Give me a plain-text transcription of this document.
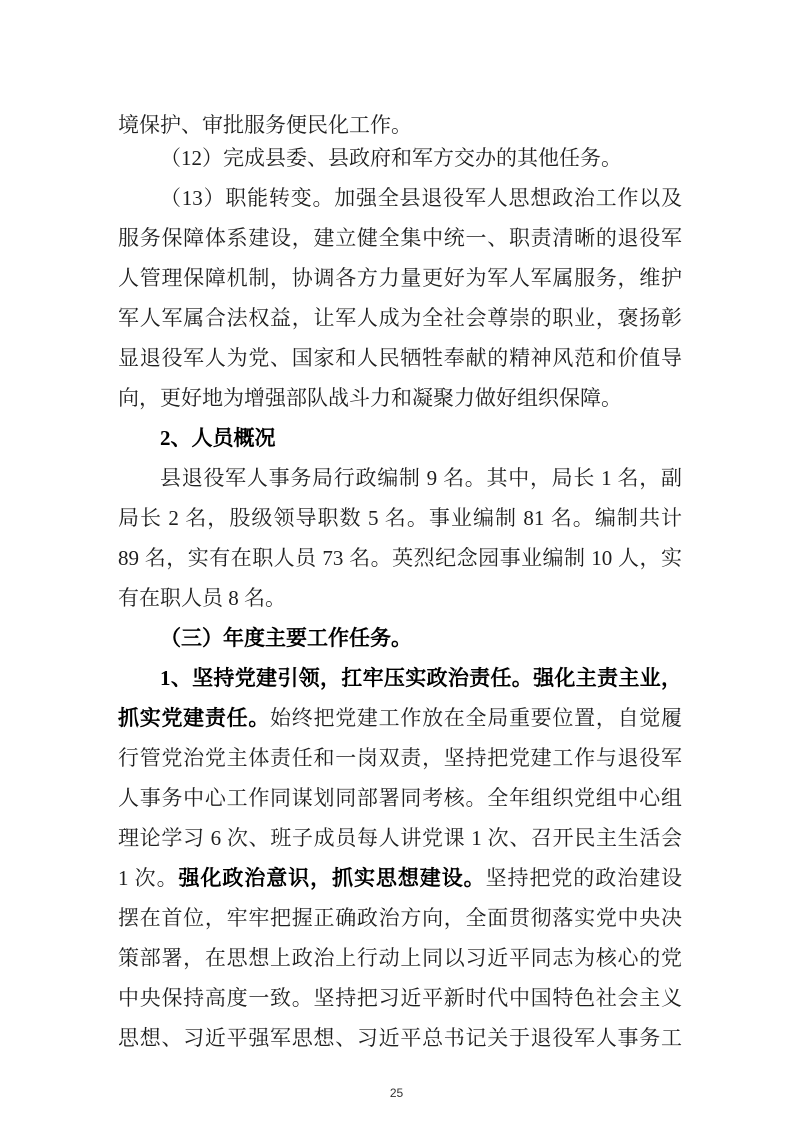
境保护、审批服务便民化工作。
（12）完成县委、县政府和军方交办的其他任务。
（13）职能转变。加强全县退役军人思想政治工作以及
服务保障体系建设，建立健全集中统一、职责清晰的退役军
人管理保障机制，协调各方力量更好为军人军属服务，维护
军人军属合法权益，让军人成为全社会尊崇的职业，褒扬彰
显退役军人为党、国家和人民牺牲奉献的精神风范和价值导
向，更好地为增强部队战斗力和凝聚力做好组织保障。
2、人员概况
县退役军人事务局行政编制 9 名。其中，局长 1 名，副
局长 2 名，股级领导职数 5 名。事业编制 81 名。编制共计
89 名，实有在职人员 73 名。英烈纪念园事业编制 10 人，实
有在职人员 8 名。
（三）年度主要工作任务。
1、坚持党建引领，扛牢压实政治责任。强化主责主业，
抓实党建责任。始终把党建工作放在全局重要位置，自觉履
行管党治党主体责任和一岗双责，坚持把党建工作与退役军
人事务中心工作同谋划同部署同考核。全年组织党组中心组
理论学习 6 次、班子成员每人讲党课 1 次、召开民主生活会
1 次。强化政治意识，抓实思想建设。坚持把党的政治建设
摆在首位，牢牢把握正确政治方向，全面贯彻落实党中央决
策部署，在思想上政治上行动上同以习近平同志为核心的党
中央保持高度一致。坚持把习近平新时代中国特色社会主义
思想、习近平强军思想、习近平总书记关于退役军人事务工
25
